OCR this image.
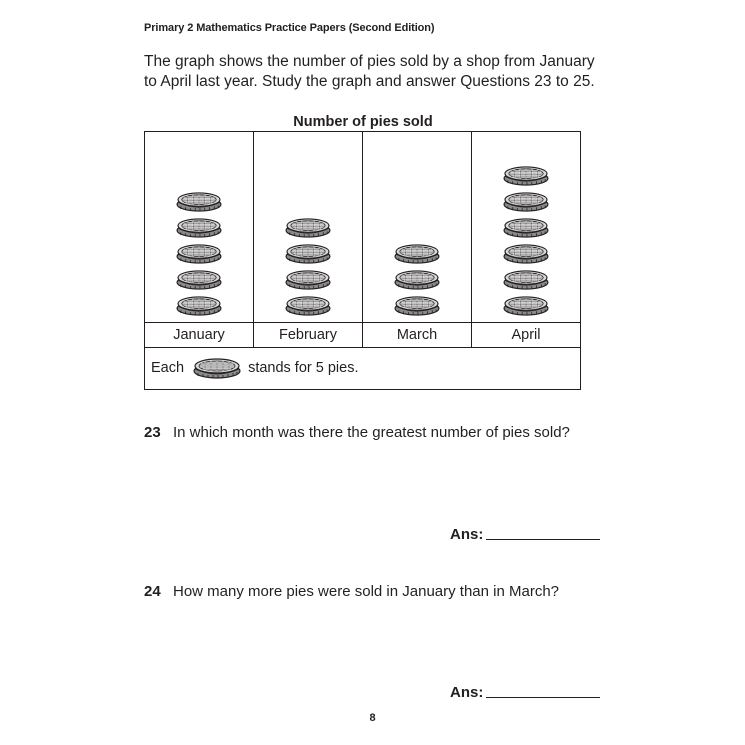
Primary 2 Mathematics Practice Papers (Second Edition)
The graph shows the number of pies sold by a shop from January to April last year. Study the graph and answer Questions 23 to 25.
Number of pies sold
January	February	March	April
Each	stands for 5 pies.
23 In which month was there the greatest number of pies sold?
Ans:
24 How many more pies were sold in January than in March?
Ans:
8
